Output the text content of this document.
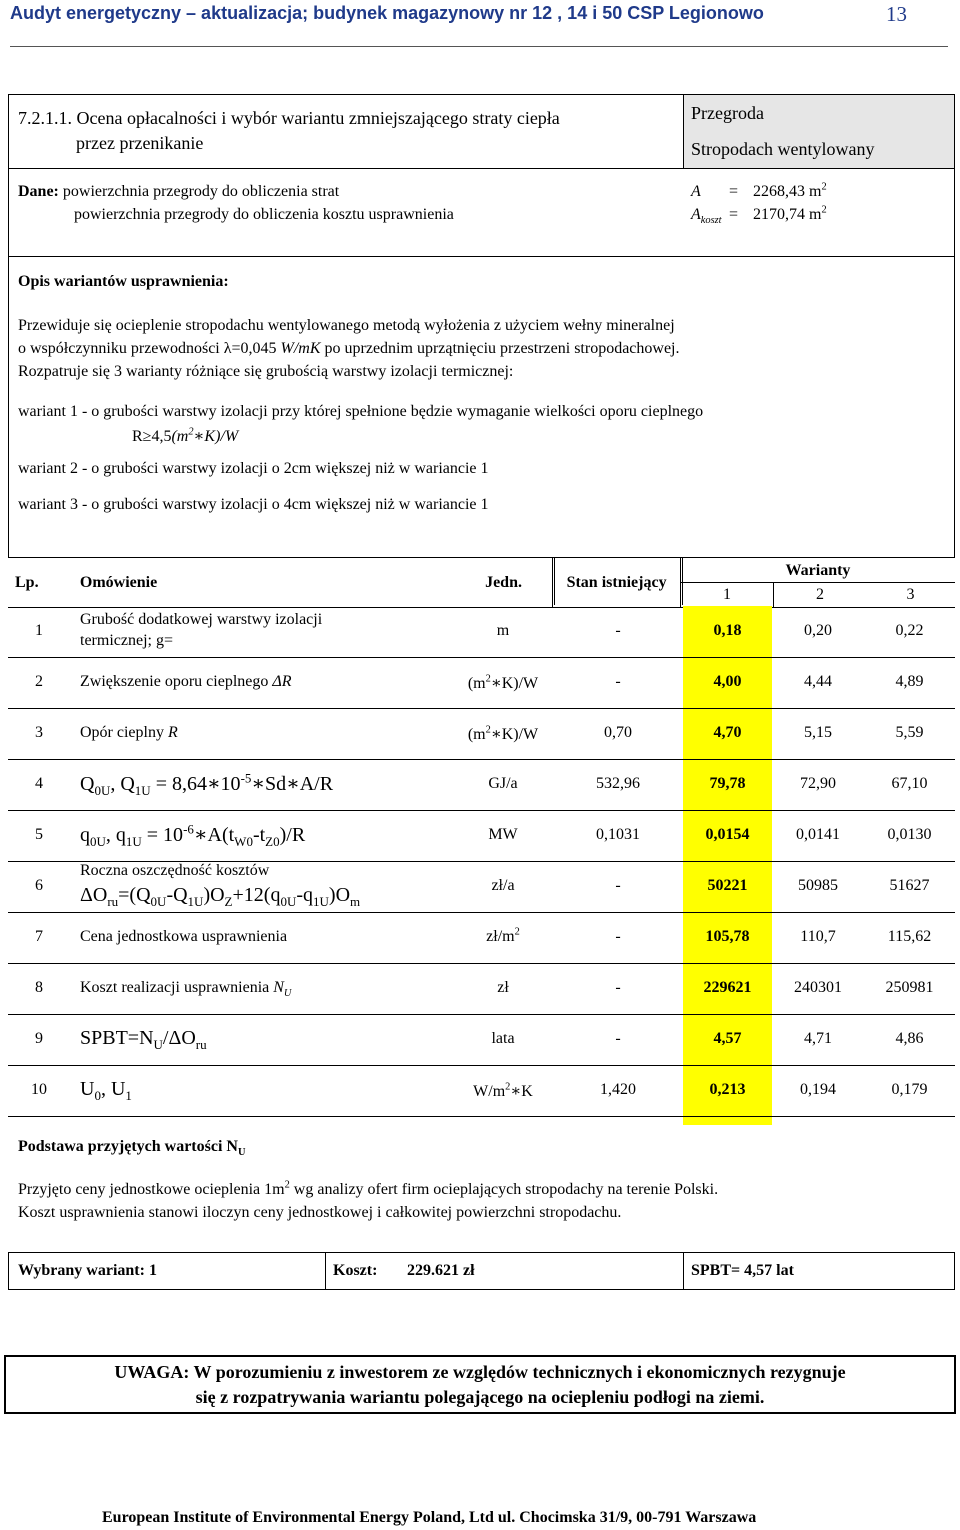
Audyt energetyczny – aktualizacja; budynek magazynowy nr 12 , 14 i 50 CSP Legionowo	13
7.2.1.1. Ocena opłacalności i wybór wariantu zmniejszającego straty ciepła
przez przenikanie
Przegroda
Stropodach wentylowany
Dane: powierzchnia przegrody do obliczenia strat
powierzchnia przegrody do obliczenia kosztu usprawnienia
A = 2268,43 $m^2$
$A_{koszt} = 2170,74$ $m^2$
Opis wariantów usprawnienia:
Przewiduje się ocieplenie stropodachu wentylowanego metodą wyłożenia z użyciem wełny mineralnej
o współczynniku przewodności λ=0,045 W/mK po uprzednim uprzątnięciu przestrzeni stropodachowej.
Rozpatruje się 3 warianty różniące się grubością warstwy izolacji termicznej:
wariant 1 - o grubości warstwy izolacji przy której spełnione będzie wymaganie wielkości oporu cieplnego
$R\ge 4,5(m^2∗K)/W$
wariant 2 - o grubości warstwy izolacji o 2cm większej niż w wariancie 1
wariant 3 - o grubości warstwy izolacji o 4cm większej niż w wariancie 1
Lp.	Omówienie	Jedn.	Stan istniejący	Warianty
1 2 3		

1
Grubość dodatkowej warstwy izolacji
termicznej; g=
m	-	0,18	0,20	0,22
2 Zwiększenie oporu cieplnego ΔR	$(m^2∗K)/W$	-	4,00	4,44	4,89
3 Opór cieplny R	$(m^2∗K)/W$	0,70	4,70	5,15	5,59
4 $Q_{0U}$, $Q_{1U}$ = $8,64∗10^{-5}∗Sd∗A/R$	GJ/a	532,96	79,78	72,90	67,10
5 $q_{0U}$, $q_{1U}$ = $10^{-6}∗A(t_{W0}-t_{Z0})/R$	MW	0,1031	0,0154	0,0141	0,0130
6
Roczna oszczędność kosztów
$\Delta O_{ru}=(Q_{0U}-Q_{1U})O_Z+12(q_{0U}-q_{1U})O_m$
zł/a	-	50221	50985	51627
7 Cena jednostkowa usprawnienia	$zł/m^2$	-	105,78	110,7	115,62
8 Koszt realizacji usprawnienia $N_U$	zł	-	229621	240301	250981
9 $SPBT=N_U/\Delta O_{ru}$	lata	-	4,57	4,71	4,86
10 $U_0$, $U_1$	$W/m^2∗K$	1,420	0,213	0,194	0,179
Podstawa przyjętych wartości $N_U$
Przyjęto ceny jednostkowe ocieplenia $1m^2$ wg analizy ofert firm ocieplających stropodachy na terenie Polski.
Koszt usprawnienia stanowi iloczyn ceny jednostkowej i całkowitej powierzchni stropodachu.
Wybrany wariant: 1	Koszt: 229.621 zł	SPBT= 4,57 lat
UWAGA: W porozumieniu z inwestorem ze względów technicznych i ekonomicznych rezygnuje
się z rozpatrywania wariantu polegającego na ociepleniu podłogi na ziemi.
European Institute of Environmental Energy Poland, Ltd ul. Chocimska 31/9, 00-791 Warszawa
